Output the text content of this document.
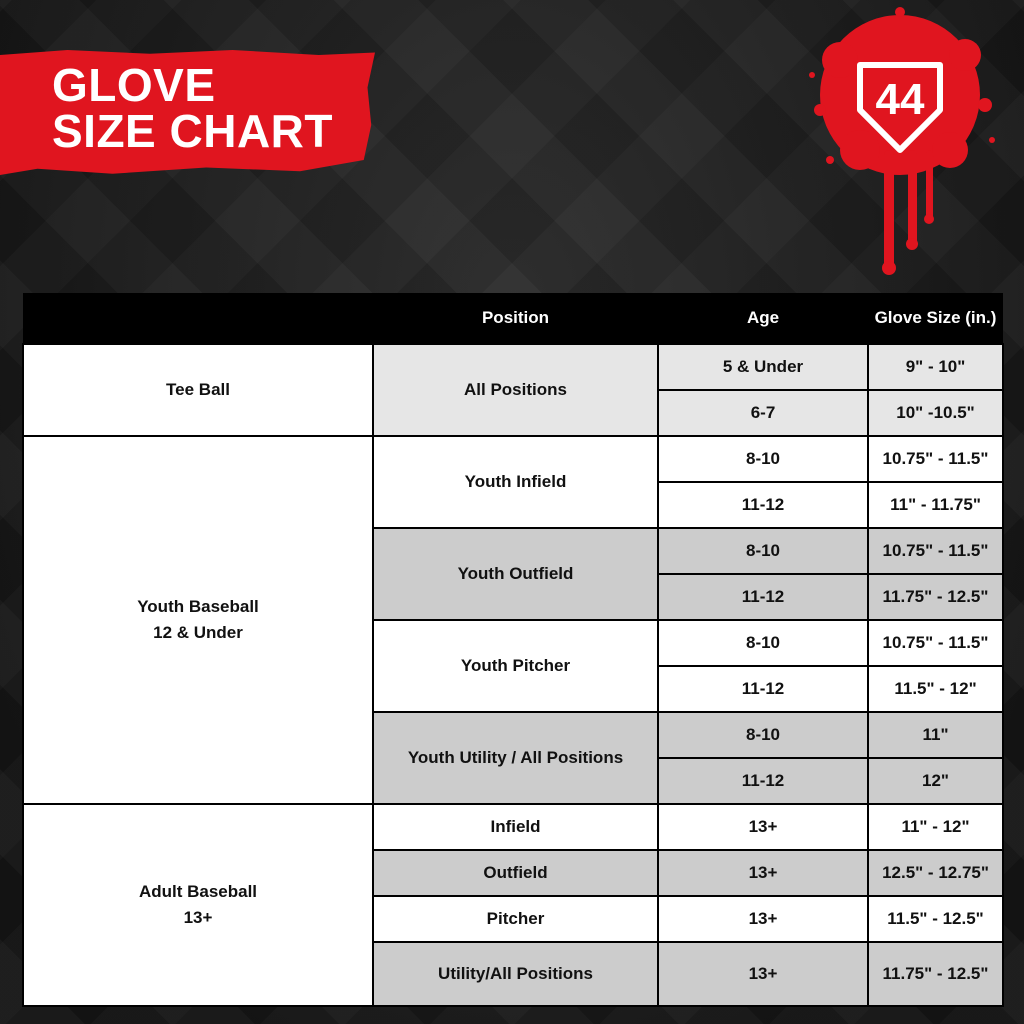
GLOVE
SIZE CHART
44
	Position	Age	Glove Size (in.)
Tee Ball	All Positions	5 & Under	9" - 10"
		6-7	10" -10.5"
Youth Baseball
12 & Under	Youth Infield	8-10	10.75" - 11.5"
		11-12	11" - 11.75"
	Youth Outfield	8-10	10.75" - 11.5"
		11-12	11.75" - 12.5"
	Youth Pitcher	8-10	10.75" - 11.5"
		11-12	11.5" - 12"
	Youth Utility / All Positions	8-10	11"
		11-12	12"
Adult Baseball
13+	Infield	13+	11" - 12"
	Outfield	13+	12.5" - 12.75"
	Pitcher	13+	11.5" - 12.5"
	Utility/All Positions	13+	11.75" - 12.5"
